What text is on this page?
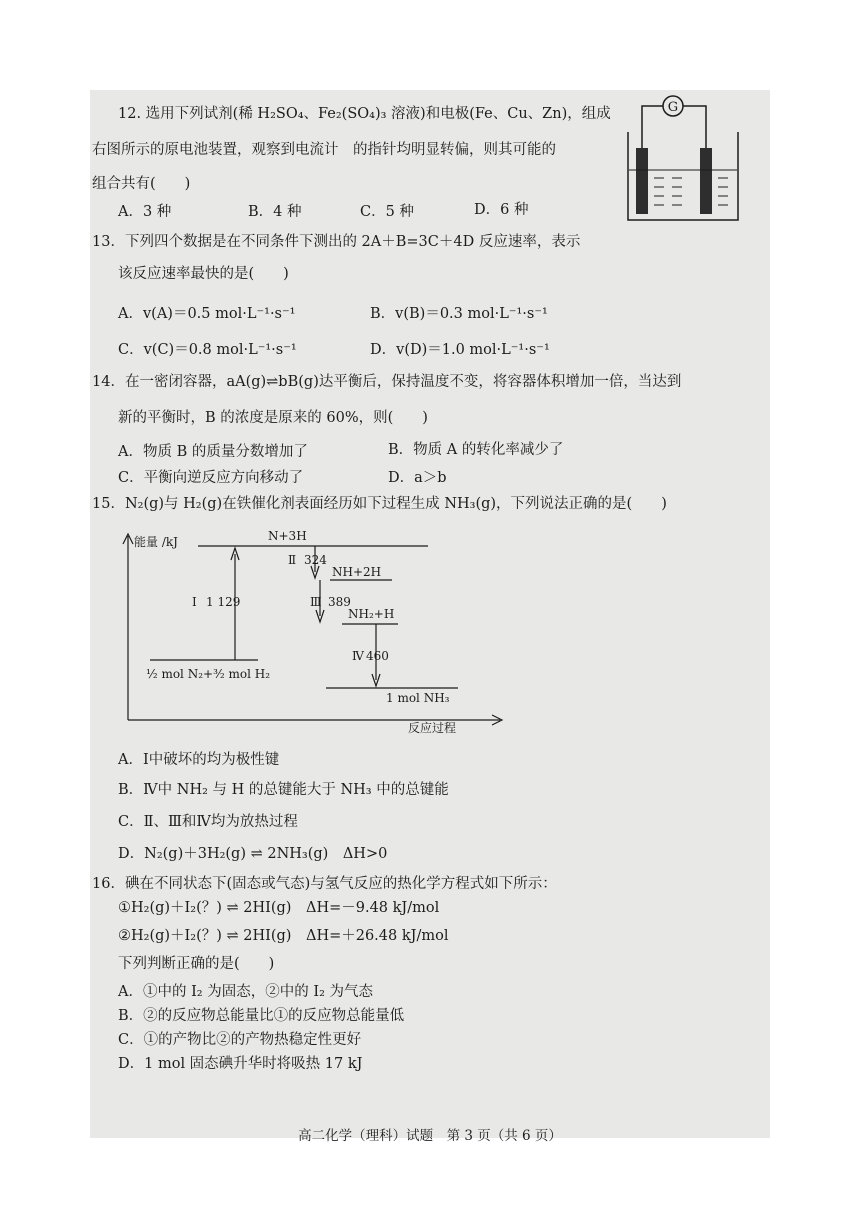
12. 选用下列试剂(稀 H₂SO₄、Fe₂(SO₄)₃ 溶液)和电极(Fe、Cu、Zn)，组成
右图所示的原电池装置，观察到电流计　的指针均明显转偏，则其可能的
组合共有(　　)
A．3 种	B．4 种	C．5 种	D．6 种
G
13．下列四个数据是在不同条件下测出的 2A＋B=3C＋4D 反应速率，表示
该反应速率最快的是(　　)
A．v(A)＝0.5 mol·L⁻¹·s⁻¹	B．v(B)＝0.3 mol·L⁻¹·s⁻¹
C．v(C)＝0.8 mol·L⁻¹·s⁻¹	D．v(D)＝1.0 mol·L⁻¹·s⁻¹
14．在一密闭容器，aA(g)⇌bB(g)达平衡后，保持温度不变，将容器体积增加一倍，当达到
新的平衡时，B 的浓度是原来的 60%，则(　　)
A．物质 B 的质量分数增加了	B．物质 A 的转化率减少了
C．平衡向逆反应方向移动了	D．a＞b
15．N₂(g)与 H₂(g)在铁催化剂表面经历如下过程生成 NH₃(g)，下列说法正确的是(　　)
能量 /kJ
反应过程
N+3H
NH+2H
NH₂+H
1 mol NH₃
½ mol N₂+³⁄₂ mol H₂
Ⅰ 1 129
Ⅱ 324
Ⅲ 389
Ⅳ 460
A．Ⅰ中破坏的均为极性键
B．Ⅳ中 NH₂ 与 H 的总键能大于 NH₃ 中的总键能
C．Ⅱ、Ⅲ和Ⅳ均为放热过程
D．N₂(g)＋3H₂(g) ⇌ 2NH₃(g)　ΔH>0
16．碘在不同状态下(固态或气态)与氢气反应的热化学方程式如下所示：
①H₂(g)＋I₂(？) ⇌ 2HI(g)　ΔH=－9.48 kJ/mol
②H₂(g)＋I₂(？) ⇌ 2HI(g)　ΔH=＋26.48 kJ/mol
下列判断正确的是(　　)
A．①中的 I₂ 为固态，②中的 I₂ 为气态
B．②的反应物总能量比①的反应物总能量低
C．①的产物比②的产物热稳定性更好
D．1 mol 固态碘升华时将吸热 17 kJ
高二化学（理科）试题　第 3 页（共 6 页）
